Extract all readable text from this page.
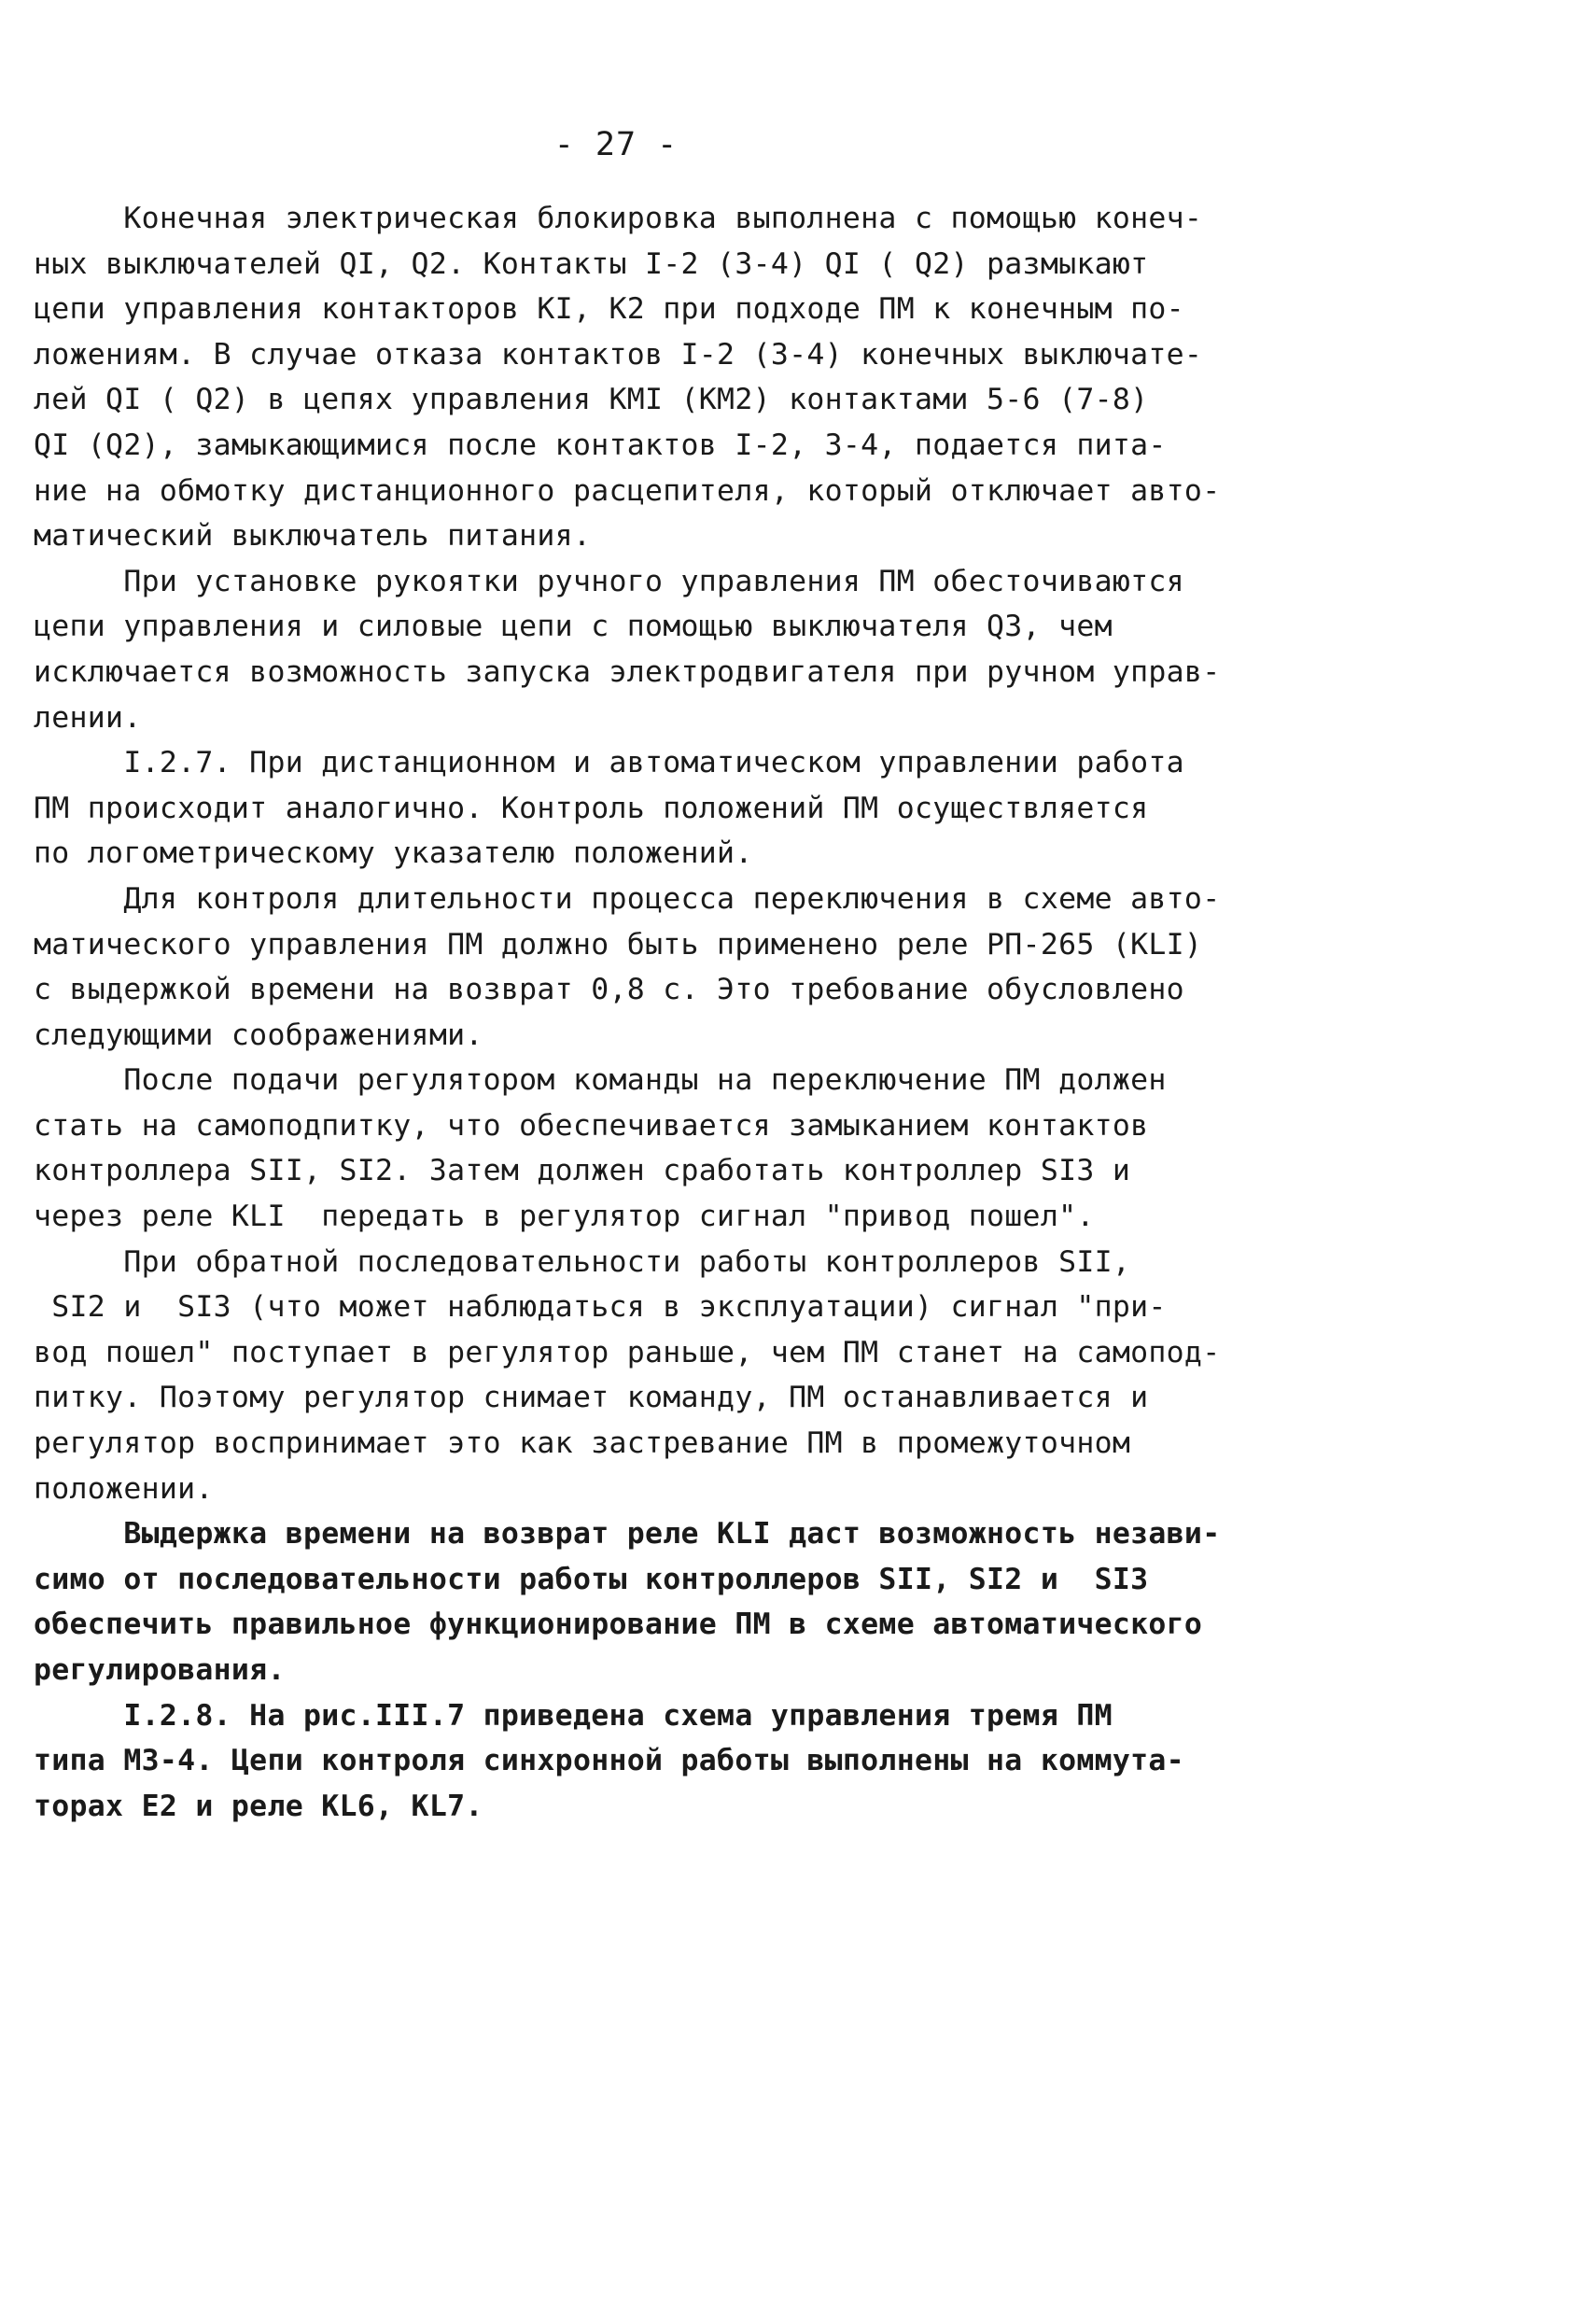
- 27 -
Конечная электрическая блокировка выполнена с помощью конеч-
ных выключателей QI, Q2. Контакты I-2 (3-4) QI ( Q2) размыкают
цепи управления контакторов KI, K2 при подходе ПМ к конечным по-
ложениям. В случае отказа контактов I-2 (3-4) конечных выключате-
лей QI ( Q2) в цепях управления КМI (КМ2) контактами 5-6 (7-8)
QI (Q2), замыкающимися после контактов I-2, 3-4, подается пита-
ние на обмотку дистанционного расцепителя, который отключает авто-
матический выключатель питания.
При установке рукоятки ручного управления ПМ обесточиваются
цепи управления и силовые цепи с помощью выключателя Q3, чем
исключается возможность запуска электродвигателя при ручном управ-
лении.
I.2.7. При дистанционном и автоматическом управлении работа
ПМ происходит аналогично. Контроль положений ПМ осуществляется
по логометрическому указателю положений.
Для контроля длительности процесса переключения в схеме авто-
матического управления ПМ должно быть применено реле РП-265 (KLI)
с выдержкой времени на возврат 0,8 с. Это требование обусловлено
следующими соображениями.
После подачи регулятором команды на переключение ПМ должен
стать на самоподпитку, что обеспечивается замыканием контактов
контроллера SII, SI2. Затем должен сработать контроллер SI3 и
через реле KLI  передать в регулятор сигнал "привод пошел".
При обратной последовательности работы контроллеров SII,
SI2 и  SI3 (что может наблюдаться в эксплуатации) сигнал "при-
вод пошел" поступает в регулятор раньше, чем ПМ станет на самопод-
питку. Поэтому регулятор снимает команду, ПМ останавливается и
регулятор воспринимает это как застревание ПМ в промежуточном
положении.
Выдержка времени на возврат реле KLI даст возможность незави-
симо от последовательности работы контроллеров SII, SI2 и  SI3
обеспечить правильное функционирование ПМ в схеме автоматического
регулирования.
I.2.8. На рис.III.7 приведена схема управления тремя ПМ
типа МЗ-4. Цепи контроля синхронной работы выполнены на коммута-
торах Е2 и реле KL6, KL7.
